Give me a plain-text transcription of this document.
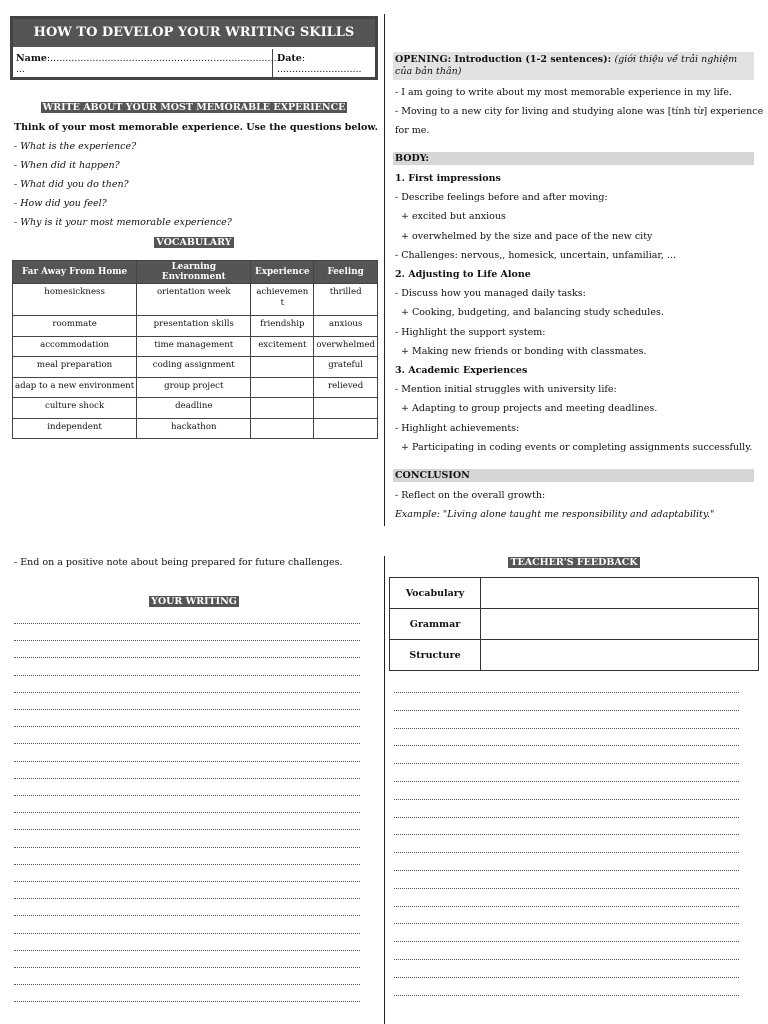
HOW TO DEVELOP YOUR WRITING SKILLS
Name:.............................................................................
...
Date: ............................
WRITE ABOUT YOUR MOST MEMORABLE EXPERIENCE
Think of your most memorable experience. Use the questions below.
- What is the experience?
- When did it happen?
- What did you do then?
- How did you feel?
- Why is it your most memorable experience?
VOCABULARY
Far Away From Home	Learning Environment	Experience	Feeling
homesickness	orientation week	achievemen t	thrilled
roommate	presentation skills	friendship	anxious
accommodation	time management	excitement	overwhelmed
meal preparation	coding assignment		grateful
adap to a new environment	group project		relieved
culture shock	deadline		
independent	hackathon		
- End on a positive note about being prepared for future challenges.
YOUR WRITING
OPENING: Introduction (1-2 sentences): (giới thiệu về trải nghiệm của bản thân)
- I am going to write about my most memorable experience in my life.
- Moving to a new city for living and studying alone was [tính từ] experience
for me.
BODY:
1. First impressions
- Describe feelings before and after moving:
+ excited but anxious
+ overwhelmed by the size and pace of the new city
- Challenges: nervous,, homesick, uncertain, unfamiliar, ...
2. Adjusting to Life Alone
- Discuss how you managed daily tasks:
+ Cooking, budgeting, and balancing study schedules.
- Highlight the support system:
+ Making new friends or bonding with classmates.
3. Academic Experiences
- Mention initial struggles with university life:
+ Adapting to group projects and meeting deadlines.
- Highlight achievements:
+ Participating in coding events or completing assignments successfully.
CONCLUSION
- Reflect on the overall growth:
Example: "Living alone taught me responsibility and adaptability."
TEACHER'S FEEDBACK
Vocabulary	
Grammar	
Structure	
